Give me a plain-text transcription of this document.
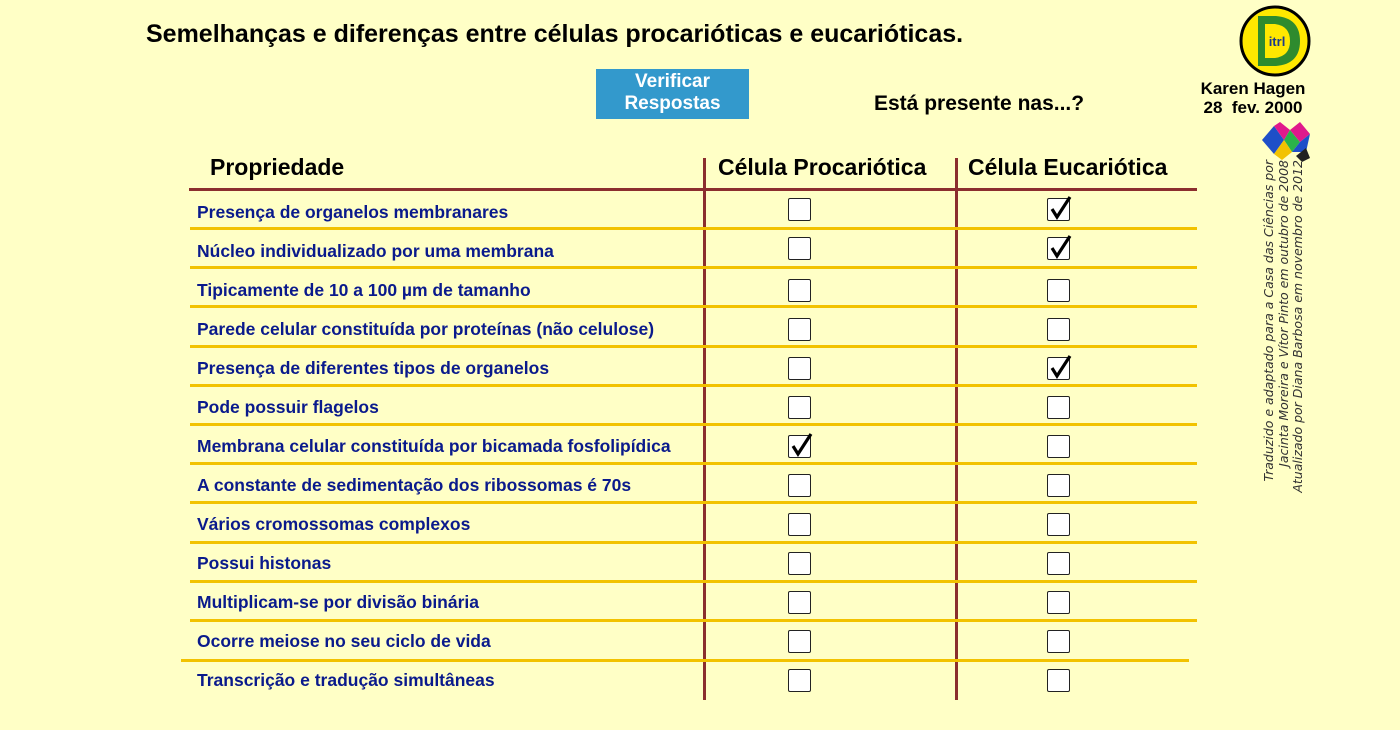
Semelhanças e diferenças entre células procarióticas e eucarióticas.
Verificar
Respostas	Está presente nas...?
itrl
Karen Hagen
28  fev. 2000
Traduzido e adaptado para a Casa das Ciências por Jacinta Moreira e Vítor Pinto em outubro de 2008 Atualizado por Diana Barbosa em novembro de 2012
Propriedade	Célula Procariótica Célula Eucariótica
Presença de organelos membranares
Núcleo individualizado por uma membrana
Tipicamente de 10 a 100 µm de tamanho
Parede celular constituída por proteínas (não celulose)
Presença de diferentes tipos de organelos
Pode possuir flagelos
Membrana celular constituída por bicamada fosfolipídica
A constante de sedimentação dos ribossomas é 70s
Vários cromossomas complexos
Possui histonas
Multiplicam-se por divisão binária
Ocorre meiose no seu ciclo de vida
Transcrição e tradução simultâneas
